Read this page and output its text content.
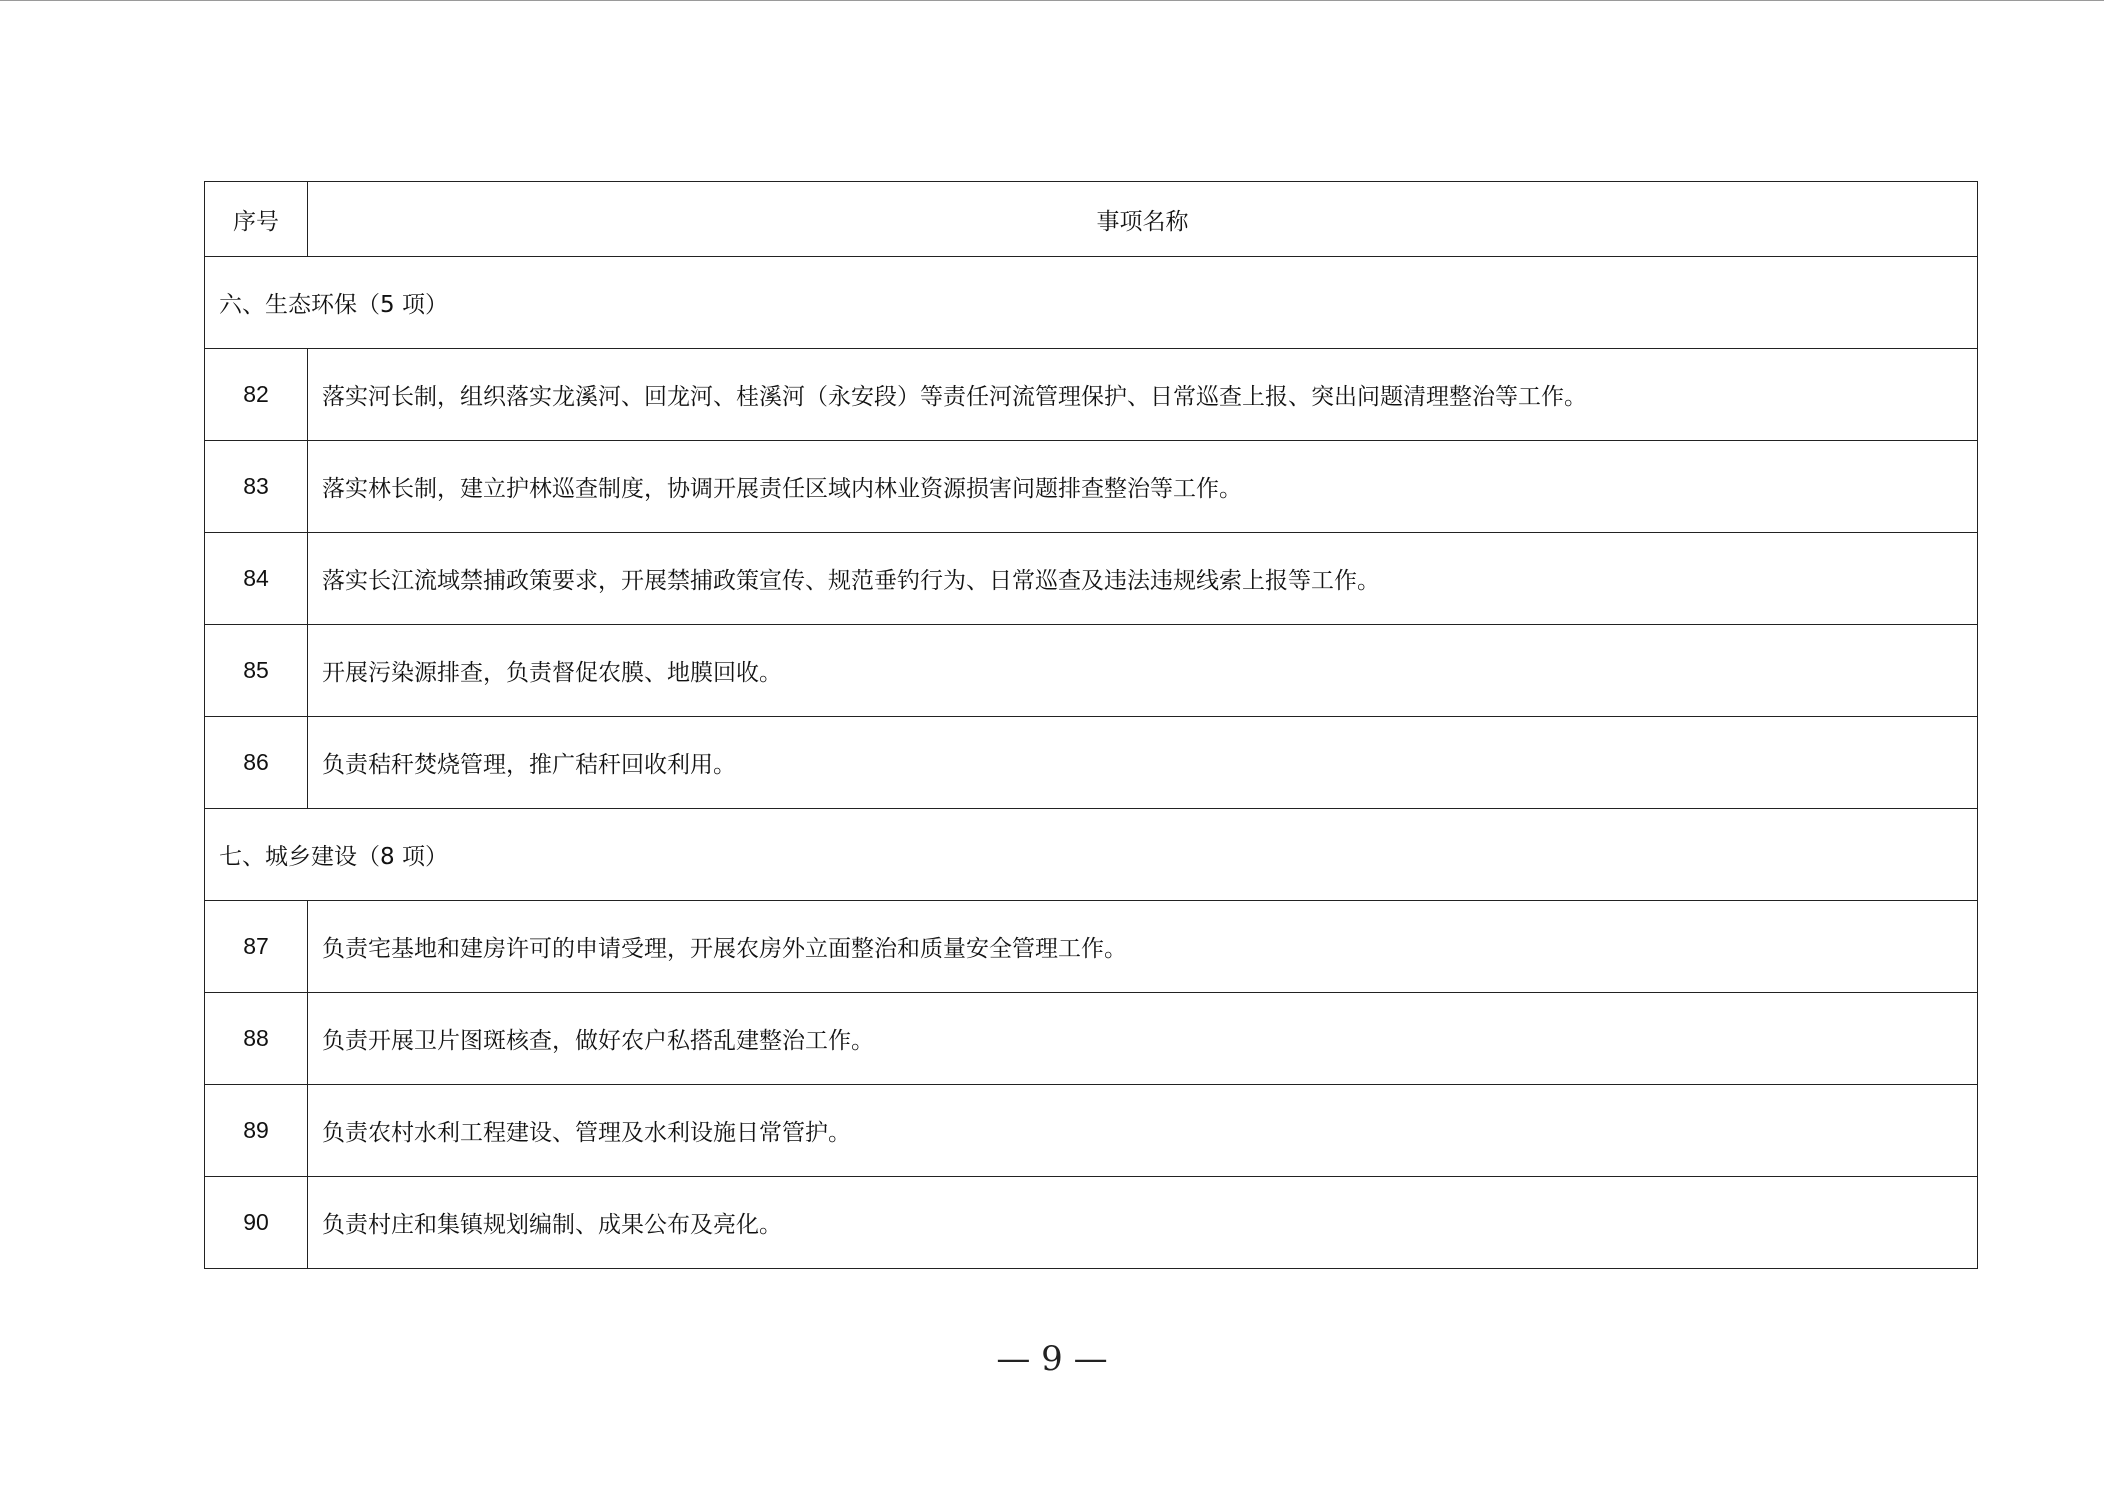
序号	事项名称
六、生态环保（5 项）	
82	落实河长制，组织落实龙溪河、回龙河、桂溪河（永安段）等责任河流管理保护、日常巡查上报、突出问题清理整治等工作。
83	落实林长制，建立护林巡查制度，协调开展责任区域内林业资源损害问题排查整治等工作。
84	落实长江流域禁捕政策要求，开展禁捕政策宣传、规范垂钓行为、日常巡查及违法违规线索上报等工作。
85	开展污染源排查，负责督促农膜、地膜回收。
86	负责秸秆焚烧管理，推广秸秆回收利用。
七、城乡建设（8 项）	
87	负责宅基地和建房许可的申请受理，开展农房外立面整治和质量安全管理工作。
88	负责开展卫片图斑核查，做好农户私搭乱建整治工作。
89	负责农村水利工程建设、管理及水利设施日常管护。
90	负责村庄和集镇规划编制、成果公布及亮化。
— 9 —
